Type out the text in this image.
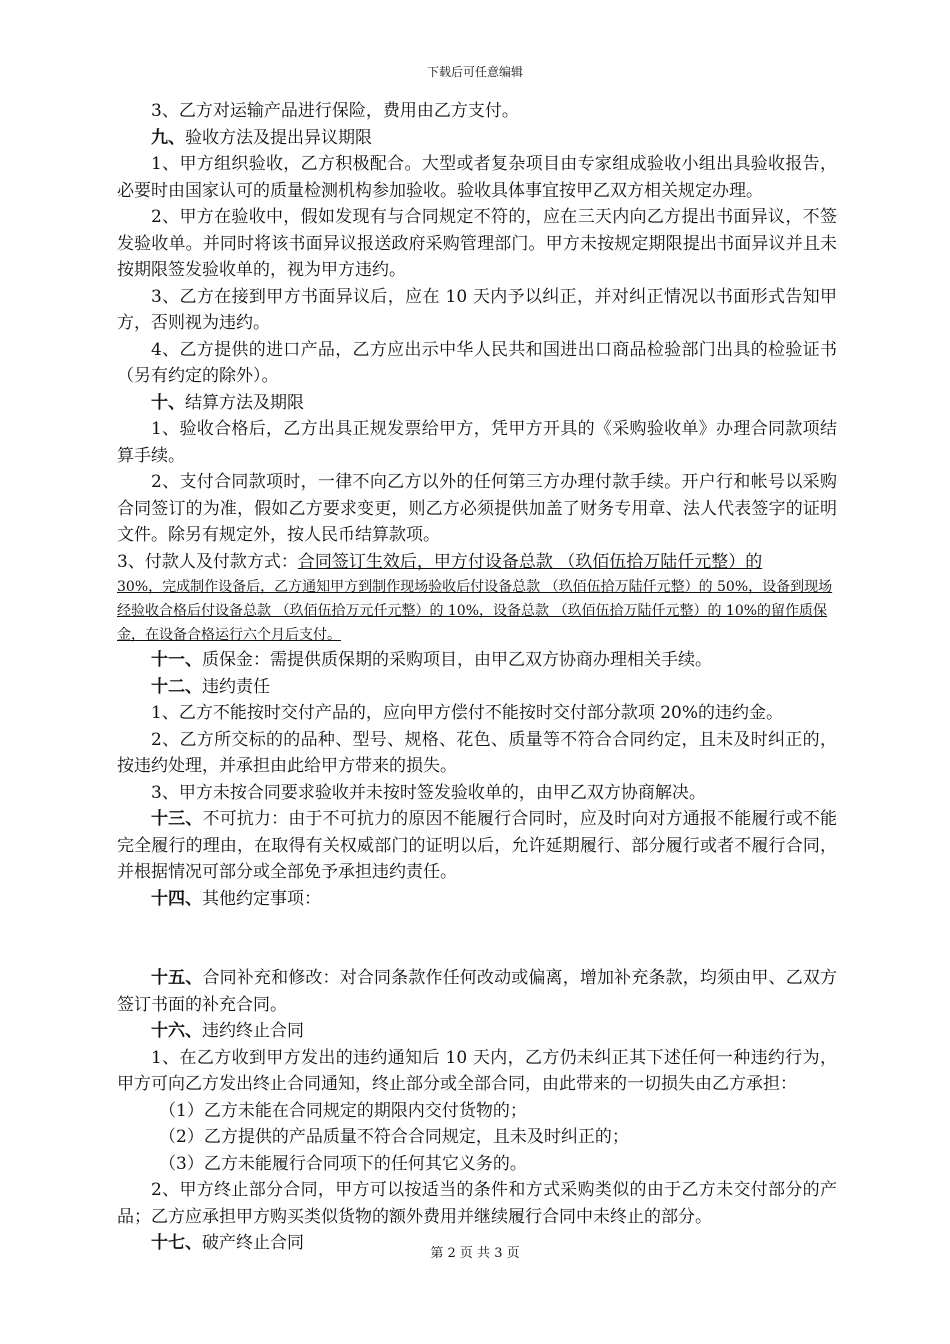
下载后可任意编辑

3、乙方对运输产品进行保险，费用由乙方支付。

九、验收方法及提出异议期限

1、甲方组织验收，乙方积极配合。大型或者复杂项目由专家组成验收小组出具验收报告，必要时由国家认可的质量检测机构参加验收。验收具体事宜按甲乙双方相关规定办理。

2、甲方在验收中，假如发现有与合同规定不符的，应在三天内向乙方提出书面异议，不签发验收单。并同时将该书面异议报送政府采购管理部门。甲方未按规定期限提出书面异议并且未按期限签发验收单的，视为甲方违约。

3、乙方在接到甲方书面异议后，应在 10 天内予以纠正，并对纠正情况以书面形式告知甲方，否则视为违约。

4、乙方提供的进口产品，乙方应出示中华人民共和国进出口商品检验部门出具的检验证书（另有约定的除外）。

十、结算方法及期限

1、验收合格后，乙方出具正规发票给甲方，凭甲方开具的《采购验收单》办理合同款项结算手续。

2、支付合同款项时，一律不向乙方以外的任何第三方办理付款手续。开户行和帐号以采购合同签订的为准，假如乙方要求变更，则乙方必须提供加盖了财务专用章、法人代表签字的证明文件。除另有规定外，按人民币结算款项。

3、付款人及付款方式：合同签订生效后，甲方付设备总款 （玖佰伍拾万陆仟元整）的

30%，完成制作设备后，乙方通知甲方到制作现场验收后付设备总款 （玖佰伍拾万陆仟元整）的 50%，设备到现场经验收合格后付设备总款 （玖佰伍拾万元仟元整）的 10%，设备总款 （玖佰伍拾万陆仟元整）的 10%的留作质保金，在设备合格运行六个月后支付。

十一、质保金：需提供质保期的采购项目，由甲乙双方协商办理相关手续。

十二、违约责任

1、乙方不能按时交付产品的，应向甲方偿付不能按时交付部分款项 20%的违约金。

2、乙方所交标的的品种、型号、规格、花色、质量等不符合合同约定，且未及时纠正的，按违约处理，并承担由此给甲方带来的损失。

3、甲方未按合同要求验收并未按时签发验收单的，由甲乙双方协商解决。

十三、不可抗力：由于不可抗力的原因不能履行合同时，应及时向对方通报不能履行或不能完全履行的理由，在取得有关权威部门的证明以后，允许延期履行、部分履行或者不履行合同，并根据情况可部分或全部免予承担违约责任。

十四、其他约定事项：

十五、合同补充和修改：对合同条款作任何改动或偏离，增加补充条款，均须由甲、乙双方签订书面的补充合同。

十六、违约终止合同

1、在乙方收到甲方发出的违约通知后 10 天内，乙方仍未纠正其下述任何一种违约行为，甲方可向乙方发出终止合同通知，终止部分或全部合同，由此带来的一切损失由乙方承担：

（1）乙方未能在合同规定的期限内交付货物的；

（2）乙方提供的产品质量不符合合同规定，且未及时纠正的；

（3）乙方未能履行合同项下的任何其它义务的。

2、甲方终止部分合同，甲方可以按适当的条件和方式采购类似的由于乙方未交付部分的产品；乙方应承担甲方购买类似货物的额外费用并继续履行合同中未终止的部分。

十七、破产终止合同

第 2 页 共 3 页
